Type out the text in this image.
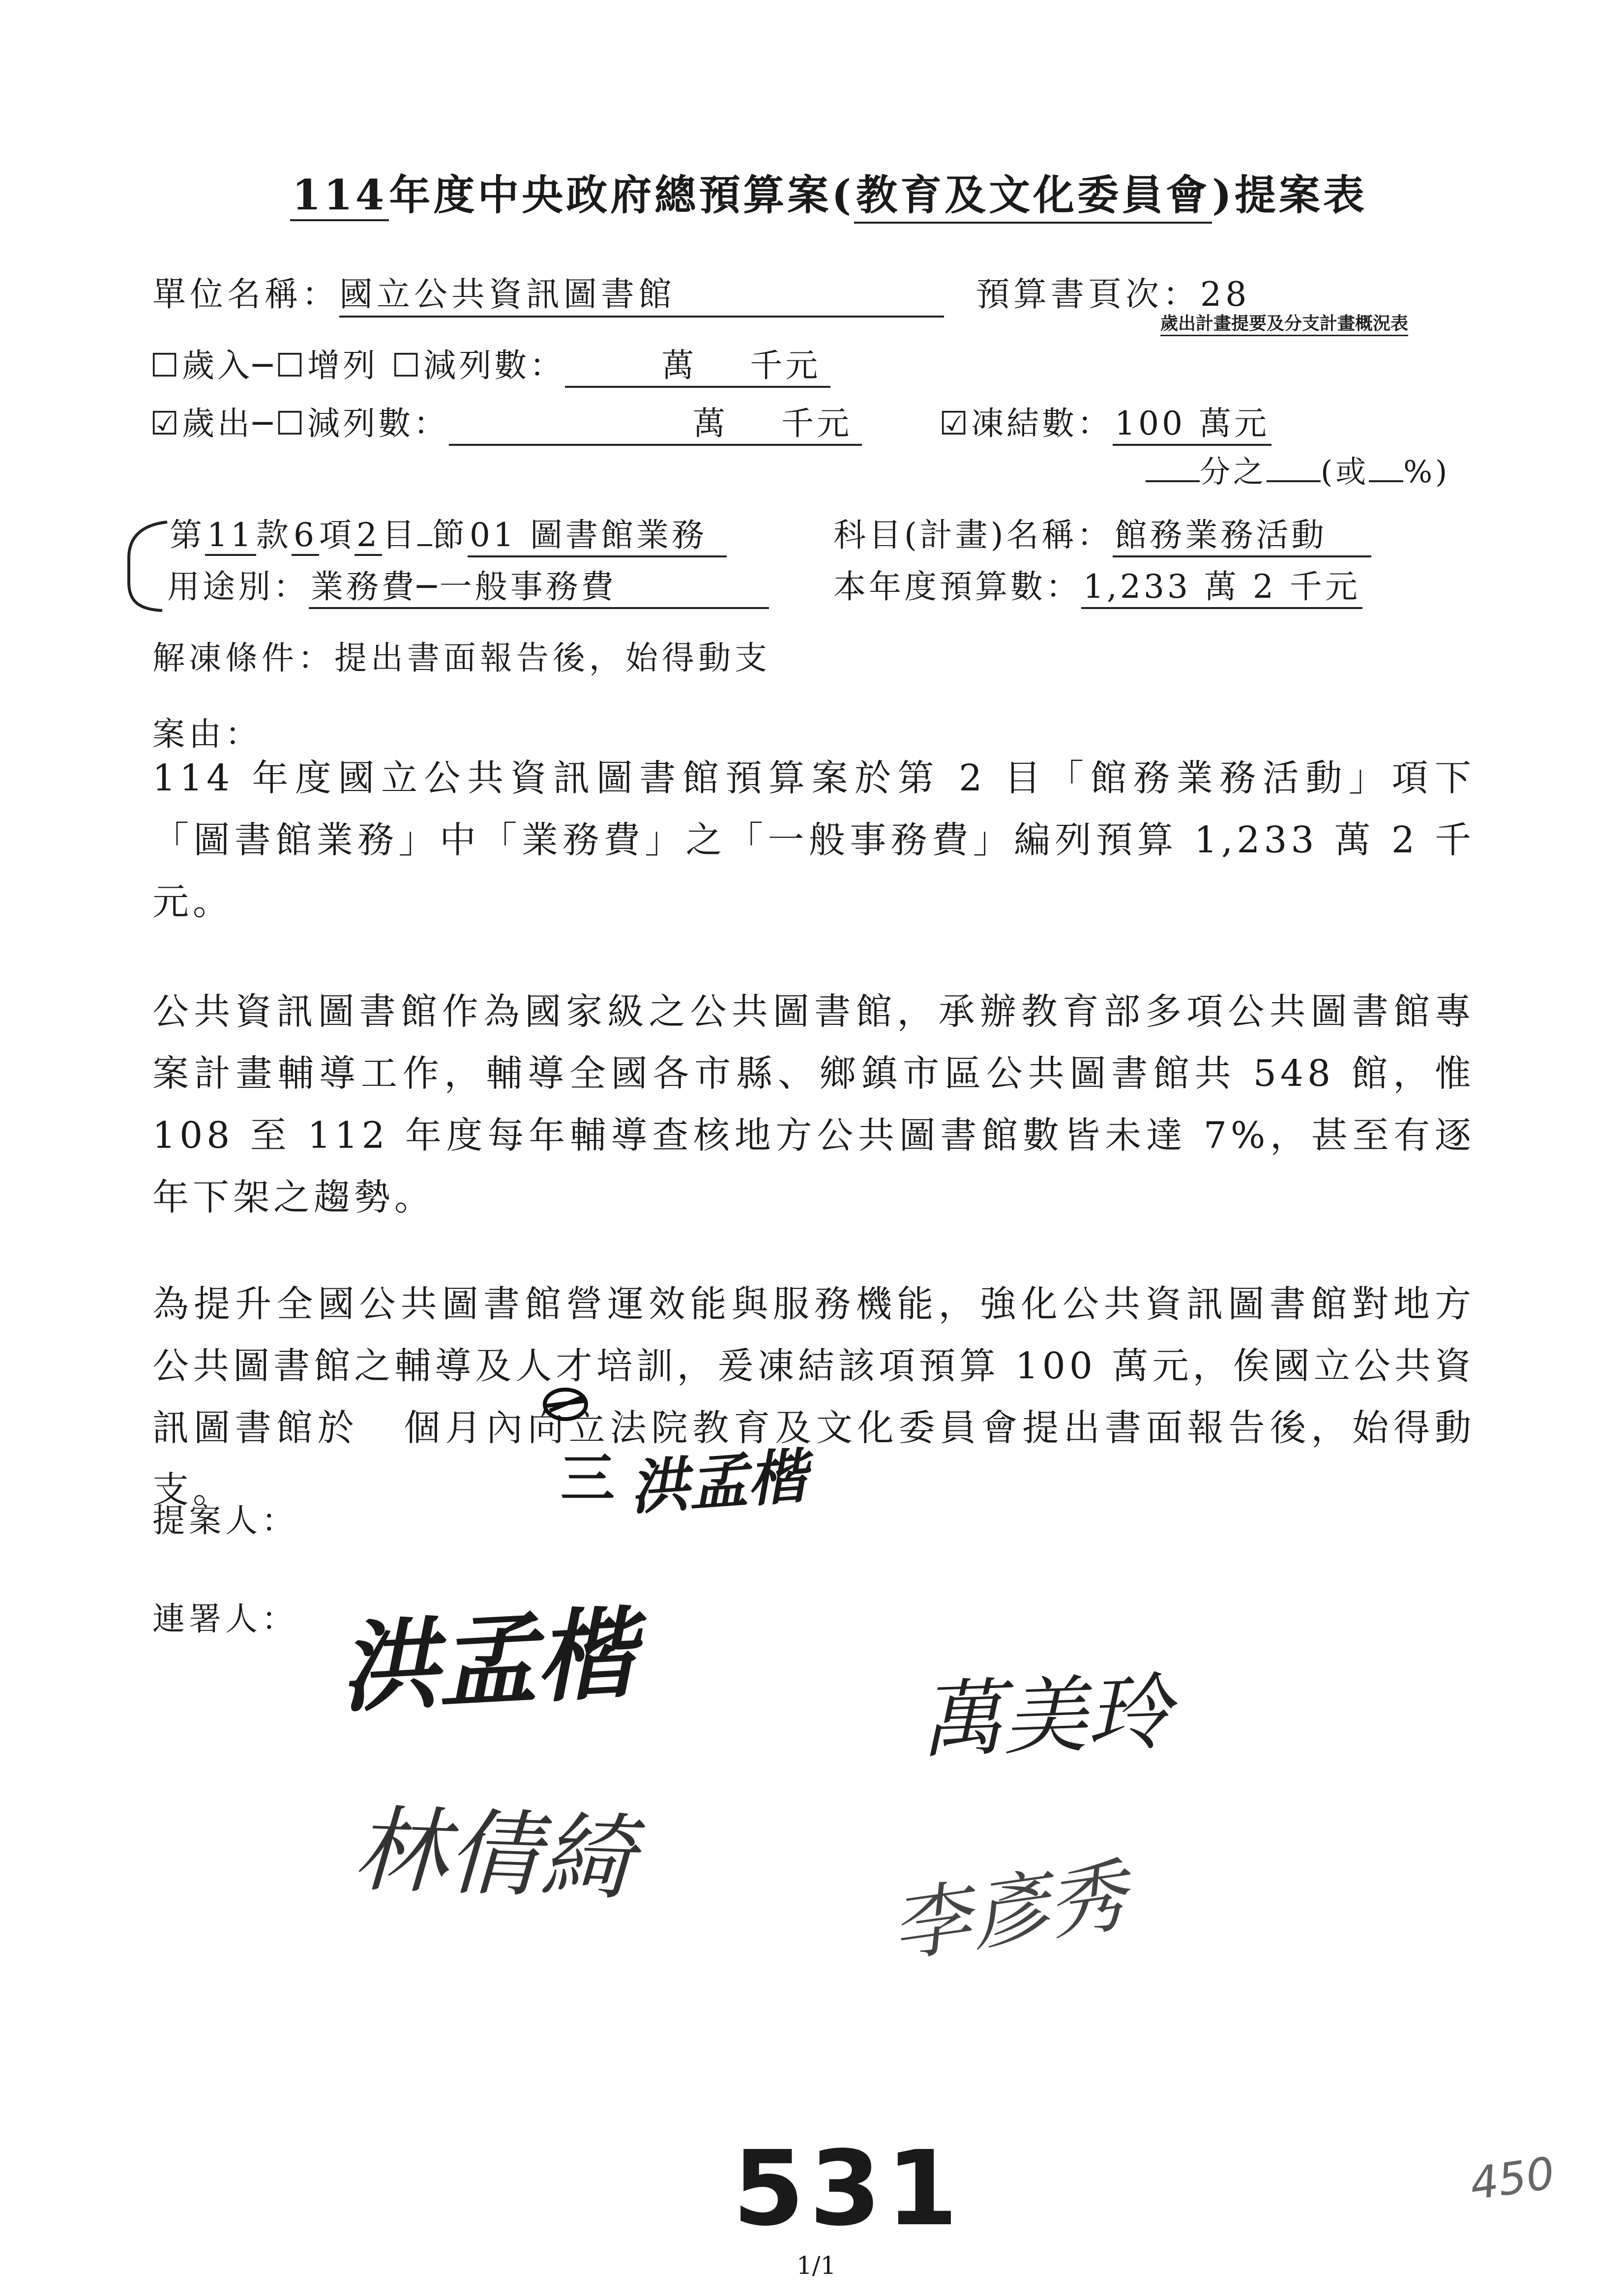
114年度中央政府總預算案(教育及文化委員會)提案表
單位名稱：國立公共資訊圖書館	預算書頁次：28
歲出計畫提要及分支計畫概況表
☐歲入─☐增列 ☐減列數：	萬 千元
☑歲出─☐減列數：	萬 千元	☑凍結數：100 萬元
分之 (或 %)
第11款6項2目 節01 圖書館業務	科目(計畫)名稱：館務業務活動
用途別：業務費─一般事務費	本年度預算數：1,233 萬 2 千元
解凍條件：提出書面報告後，始得動支
案由：
114 年度國立公共資訊圖書館預算案於第 2 目「館務業務活動」項下「圖書館業務」中「業務費」之「一般事務費」編列預算 1,233 萬 2 千元。
公共資訊圖書館作為國家級之公共圖書館，承辦教育部多項公共圖書館專案計畫輔導工作，輔導全國各市縣、鄉鎮市區公共圖書館共 548 館，惟 108 至 112 年度每年輔導查核地方公共圖書館數皆未達 7%，甚至有逐年下架之趨勢。
為提升全國公共圖書館營運效能與服務機能，強化公共資訊圖書館對地方公共圖書館之輔導及人才培訓，爰凍結該項預算 100 萬元，俟國立公共資訊圖書館於 個月內向立法院教育及文化委員會提出書面報告後，始得動支。	三
提案人：	洪孟楷
連署人： 洪孟楷	萬美玲
林倩綺	李彥秀
531
1/1
450
